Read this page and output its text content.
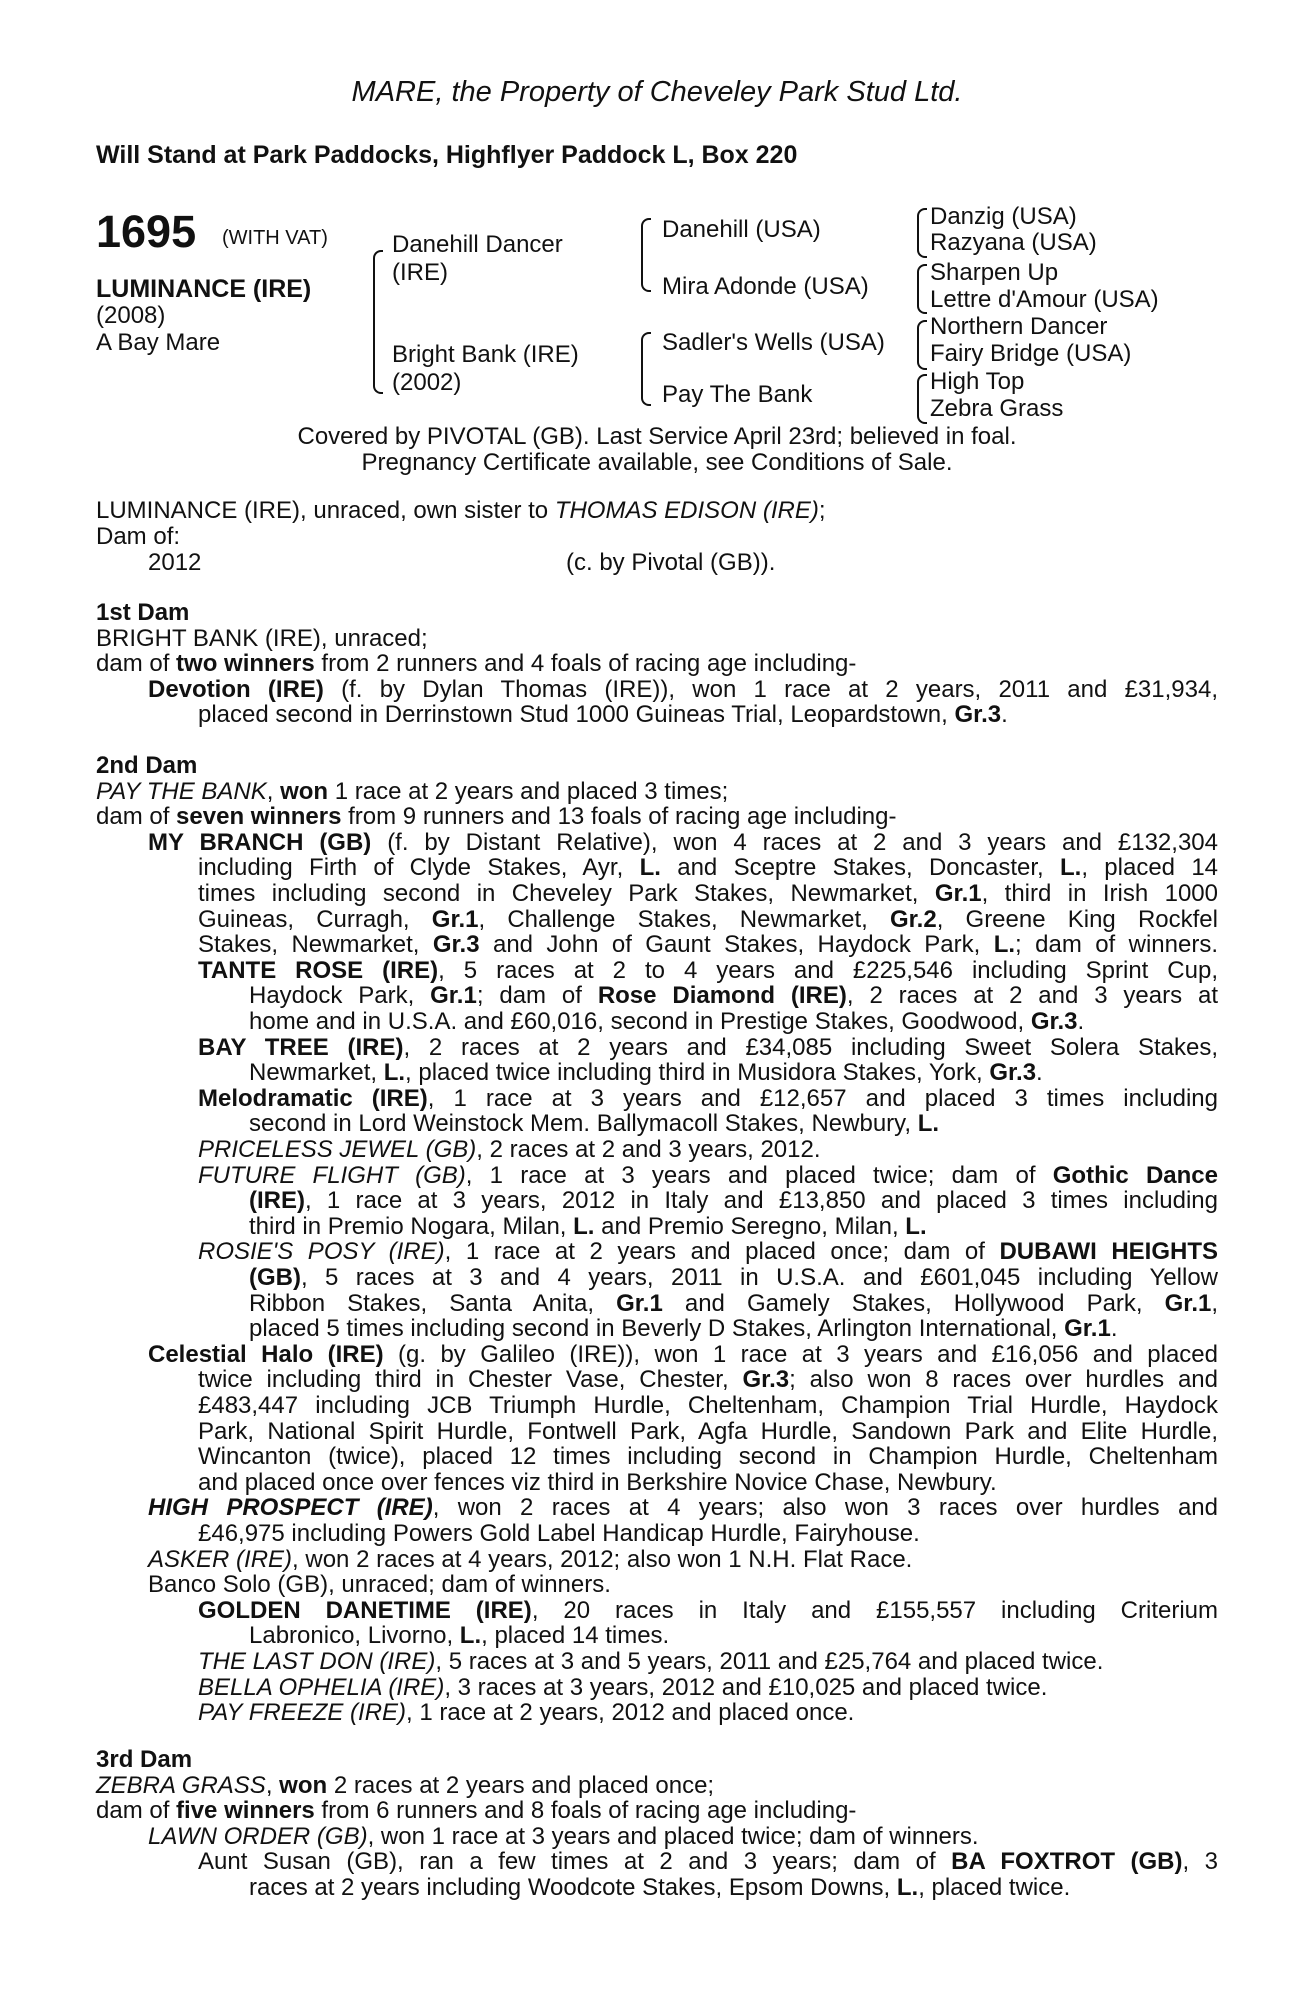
MARE, the Property of Cheveley Park Stud Ltd.
Will Stand at Park Paddocks, Highflyer Paddock L, Box 220
1695 (WITH VAT)
LUMINANCE (IRE)
(2008)
A Bay Mare
Danehill Dancer
(IRE)
Bright Bank (IRE)
(2002)
Danehill (USA)
Mira Adonde (USA)
Sadler's Wells (USA)
Pay The Bank
Danzig (USA)
Razyana (USA)
Sharpen Up
Lettre d'Amour (USA)
Northern Dancer
Fairy Bridge (USA)
High Top
Zebra Grass
Covered by PIVOTAL (GB). Last Service April 23rd; believed in foal.
Pregnancy Certificate available, see Conditions of Sale.
LUMINANCE (IRE), unraced, own sister to THOMAS EDISON (IRE);
Dam of:
2012	(c. by Pivotal (GB)).
1st Dam
BRIGHT BANK (IRE), unraced;
dam of two winners from 2 runners and 4 foals of racing age including-
Devotion (IRE) (f. by Dylan Thomas (IRE)), won 1 race at 2 years, 2011 and £31,934,
placed second in Derrinstown Stud 1000 Guineas Trial, Leopardstown, Gr.3.
2nd Dam
PAY THE BANK, won 1 race at 2 years and placed 3 times;
dam of seven winners from 9 runners and 13 foals of racing age including-
MY BRANCH (GB) (f. by Distant Relative), won 4 races at 2 and 3 years and £132,304
including Firth of Clyde Stakes, Ayr, L. and Sceptre Stakes, Doncaster, L., placed 14
times including second in Cheveley Park Stakes, Newmarket, Gr.1, third in Irish 1000
Guineas, Curragh, Gr.1, Challenge Stakes, Newmarket, Gr.2, Greene King Rockfel
Stakes, Newmarket, Gr.3 and John of Gaunt Stakes, Haydock Park, L.; dam of winners.
TANTE ROSE (IRE), 5 races at 2 to 4 years and £225,546 including Sprint Cup,
Haydock Park, Gr.1; dam of Rose Diamond (IRE), 2 races at 2 and 3 years at
home and in U.S.A. and £60,016, second in Prestige Stakes, Goodwood, Gr.3.
BAY TREE (IRE), 2 races at 2 years and £34,085 including Sweet Solera Stakes,
Newmarket, L., placed twice including third in Musidora Stakes, York, Gr.3.
Melodramatic (IRE), 1 race at 3 years and £12,657 and placed 3 times including
second in Lord Weinstock Mem. Ballymacoll Stakes, Newbury, L.
PRICELESS JEWEL (GB), 2 races at 2 and 3 years, 2012.
FUTURE FLIGHT (GB), 1 race at 3 years and placed twice; dam of Gothic Dance
(IRE), 1 race at 3 years, 2012 in Italy and £13,850 and placed 3 times including
third in Premio Nogara, Milan, L. and Premio Seregno, Milan, L.
ROSIE'S POSY (IRE), 1 race at 2 years and placed once; dam of DUBAWI HEIGHTS
(GB), 5 races at 3 and 4 years, 2011 in U.S.A. and £601,045 including Yellow
Ribbon Stakes, Santa Anita, Gr.1 and Gamely Stakes, Hollywood Park, Gr.1,
placed 5 times including second in Beverly D Stakes, Arlington International, Gr.1.
Celestial Halo (IRE) (g. by Galileo (IRE)), won 1 race at 3 years and £16,056 and placed
twice including third in Chester Vase, Chester, Gr.3; also won 8 races over hurdles and
£483,447 including JCB Triumph Hurdle, Cheltenham, Champion Trial Hurdle, Haydock
Park, National Spirit Hurdle, Fontwell Park, Agfa Hurdle, Sandown Park and Elite Hurdle,
Wincanton (twice), placed 12 times including second in Champion Hurdle, Cheltenham
and placed once over fences viz third in Berkshire Novice Chase, Newbury.
HIGH PROSPECT (IRE), won 2 races at 4 years; also won 3 races over hurdles and
£46,975 including Powers Gold Label Handicap Hurdle, Fairyhouse.
ASKER (IRE), won 2 races at 4 years, 2012; also won 1 N.H. Flat Race.
Banco Solo (GB), unraced; dam of winners.
GOLDEN DANETIME (IRE), 20 races in Italy and £155,557 including Criterium
Labronico, Livorno, L., placed 14 times.
THE LAST DON (IRE), 5 races at 3 and 5 years, 2011 and £25,764 and placed twice.
BELLA OPHELIA (IRE), 3 races at 3 years, 2012 and £10,025 and placed twice.
PAY FREEZE (IRE), 1 race at 2 years, 2012 and placed once.
3rd Dam
ZEBRA GRASS, won 2 races at 2 years and placed once;
dam of five winners from 6 runners and 8 foals of racing age including-
LAWN ORDER (GB), won 1 race at 3 years and placed twice; dam of winners.
Aunt Susan (GB), ran a few times at 2 and 3 years; dam of BA FOXTROT (GB), 3
races at 2 years including Woodcote Stakes, Epsom Downs, L., placed twice.
